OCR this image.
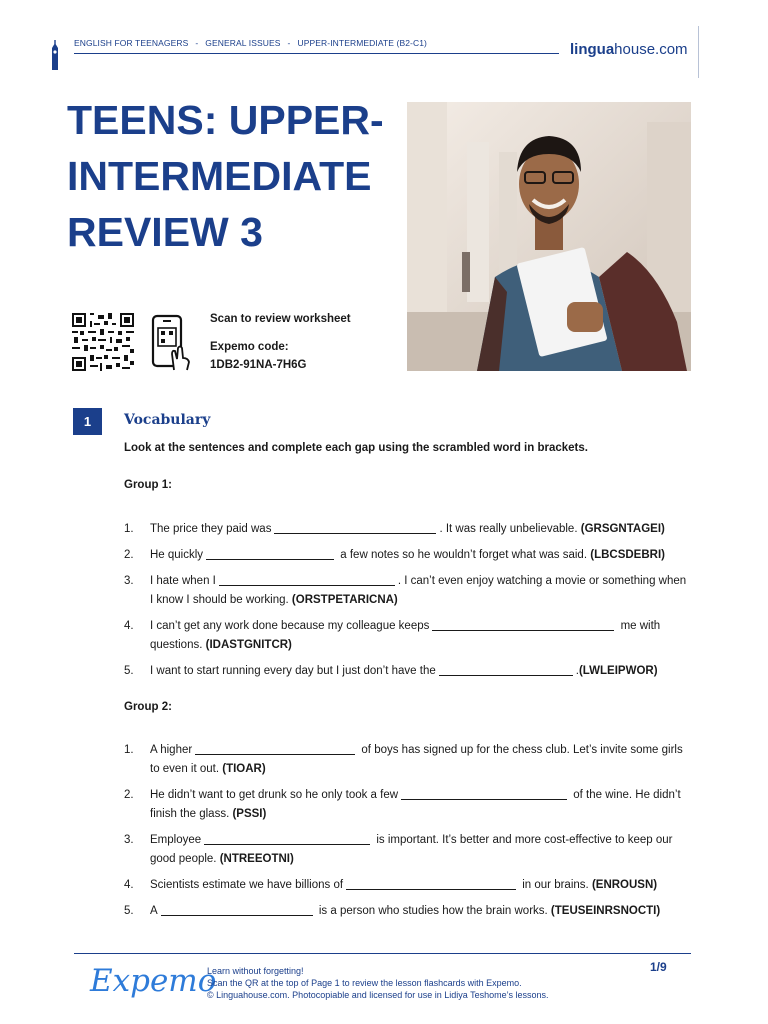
ENGLISH FOR TEENAGERS - GENERAL ISSUES - UPPER-INTERMEDIATE (B2-C1)	linguahouse.com
TEENS: UPPER-
INTERMEDIATE
REVIEW 3
Scan to review worksheet
Expemo code:
1DB2-91NA-7H6G
1	Vocabulary
Look at the sentences and complete each gap using the scrambled word in brackets.
Group 1:
1. The price they paid was	. It was really unbelievable. (GRSGNTAGEI)
2. He quickly	a few notes so he wouldn’t forget what was said. (LBCSDEBRI)
3. I hate when I	. I can’t even enjoy watching a movie or something when I know I should be working. (ORSTPETARICNA)
4. I can’t get any work done because my colleague keeps	me with questions. (IDASTGNITCR)
5. I want to start running every day but I just don’t have the	.(LWLEIPWOR)
Group 2:
1. A higher	of boys has signed up for the chess club. Let’s invite some girls to even it out. (TIOAR)
2. He didn’t want to get drunk so he only took a few	of the wine. He didn’t finish the glass. (PSSI)
3. Employee	is important. It’s better and more cost-effective to keep our good people. (NTREEOTNI)
4. Scientists estimate we have billions of	in our brains. (ENROUSN)
5. A	is a person who studies how the brain works. (TEUSEINRSNOCTI)
Expemo
Learn without forgetting!
Scan the QR at the top of Page 1 to review the lesson flashcards with Expemo.
© Linguahouse.com. Photocopiable and licensed for use in Lidiya Teshome’s lessons.
1/9
